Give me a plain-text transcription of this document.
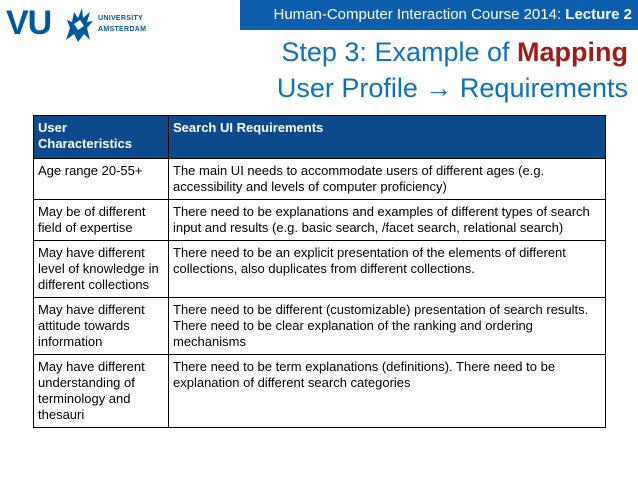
VU	UNIVERSITY
AMSTERDAM
Human-Computer Interaction Course 2014: Lecture 2
Step 3: Example of Mapping
User Profile → Requirements
User Characteristics	Search UI Requirements
Age range 20-55+	The main UI needs to accommodate users of different ages (e.g. accessibility and levels of computer proficiency)
May be of different field of expertise	There need to be explanations and examples of different types of search input and results (e.g. basic search, /facet search, relational search)
May have different level of knowledge in different collections	There need to be an explicit presentation of the elements of different collections, also duplicates from different collections.
May have different attitude towards information	There need to be different (customizable) presentation of search results. There need to be clear explanation of the ranking and ordering mechanisms
May have different understanding of terminology and thesauri	There need to be term explanations (definitions). There need to be explanation of different search categories
